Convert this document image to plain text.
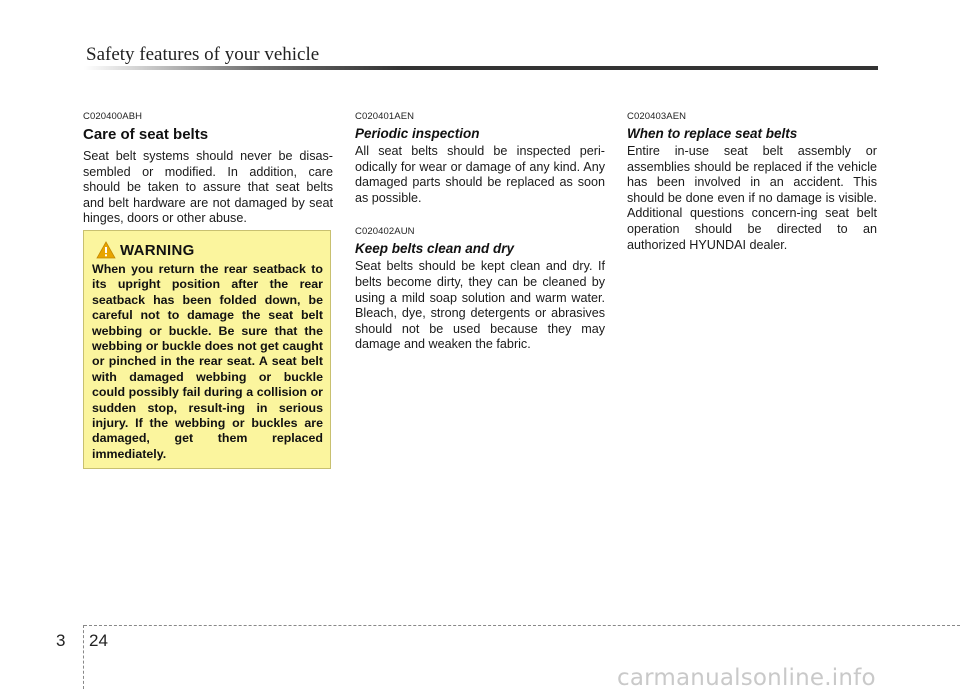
Safety features of your vehicle

C020400ABH

Care of seat belts

Seat belt systems should never be disas-sembled or modified. In addition, care should be taken to assure that seat belts and belt hardware are not damaged by seat hinges, doors or other abuse.

WARNING

When you return the rear seatback to its upright position after the rear seatback has been folded down, be careful not to damage the seat belt webbing or buckle. Be sure that the webbing or buckle does not get caught or pinched in the rear seat. A seat belt with damaged webbing or buckle could possibly fail during a collision or sudden stop, result-ing in serious injury. If the webbing or buckles are damaged, get them replaced immediately.

C020401AEN

Periodic inspection

All seat belts should be inspected peri-odically for wear or damage of any kind. Any damaged parts should be replaced as soon as possible.

C020402AUN

Keep belts clean and dry

Seat belts should be kept clean and dry. If belts become dirty, they can be cleaned by using a mild soap solution and warm water. Bleach, dye, strong detergents or abrasives should not be used because they may damage and weaken the fabric.

C020403AEN

When to replace seat belts

Entire in-use seat belt assembly or assemblies should be replaced if the vehicle has been involved in an accident. This should be done even if no damage is visible. Additional questions concern-ing seat belt operation should be directed to an authorized HYUNDAI dealer.

3 24
carmanualsonline.info
